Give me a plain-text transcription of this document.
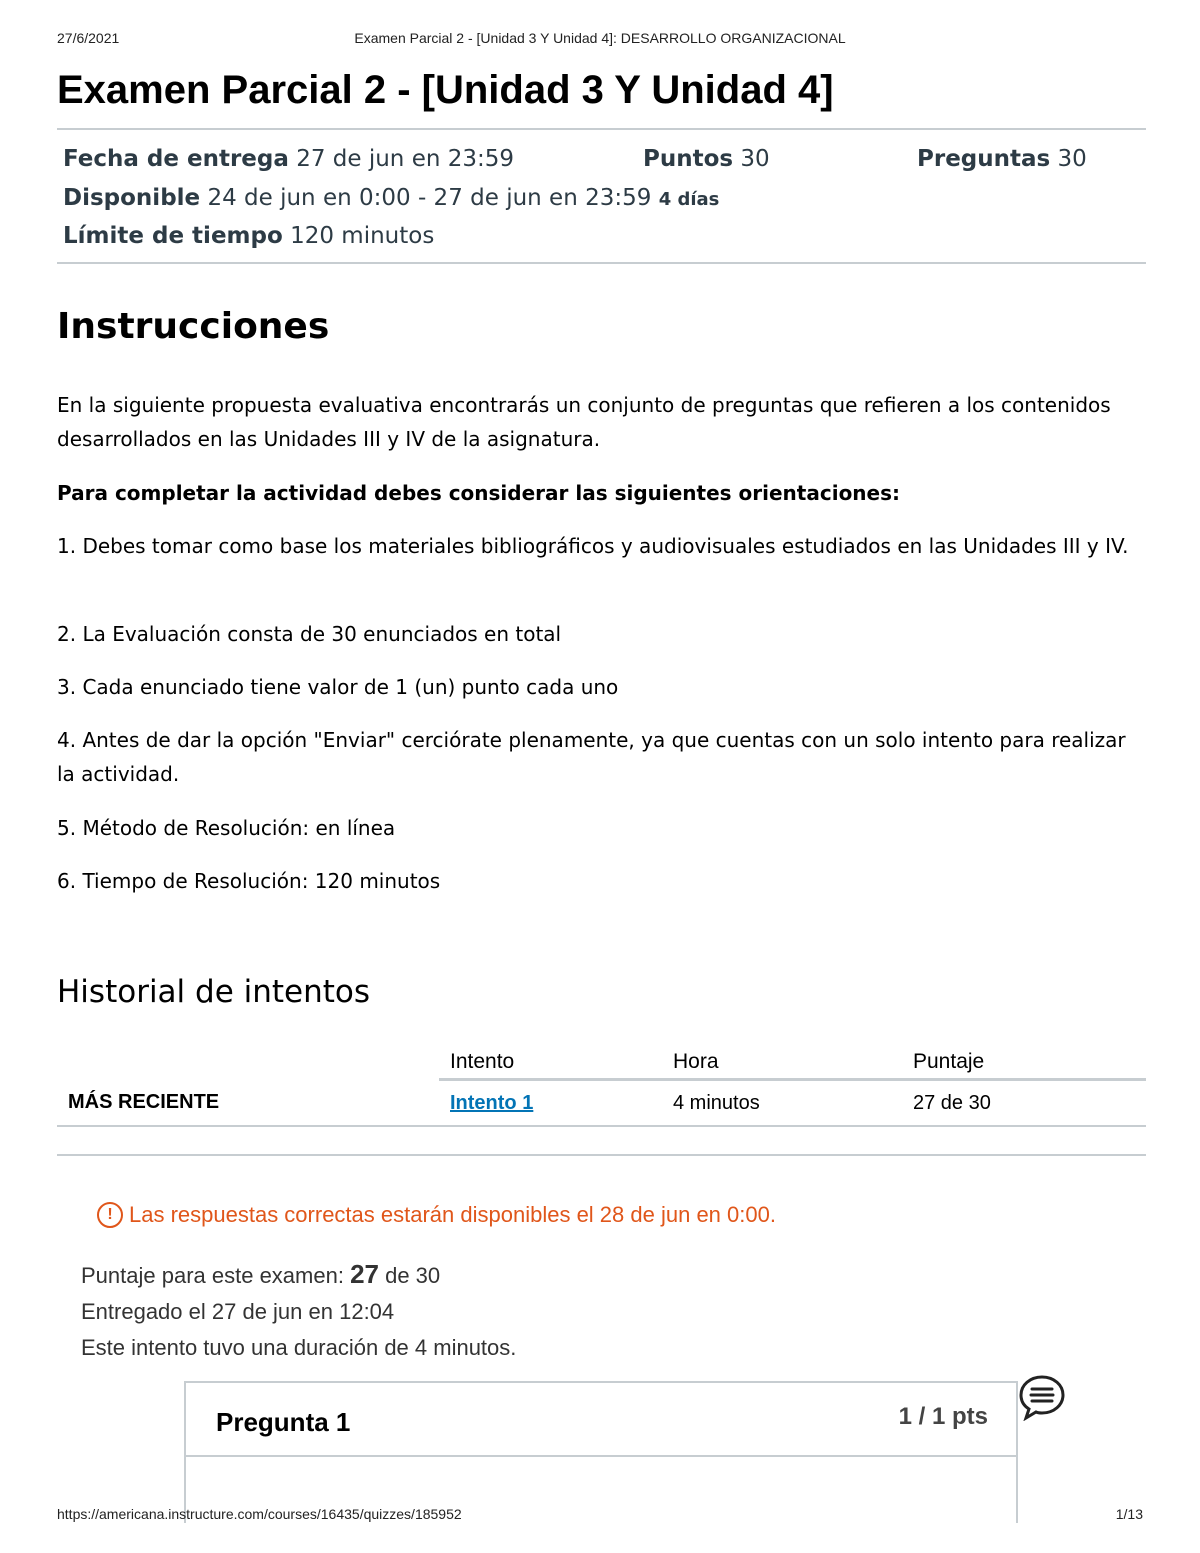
27/6/2021	Examen Parcial 2 - [Unidad 3 Y Unidad 4]: DESARROLLO ORGANIZACIONAL
Examen Parcial 2 - [Unidad 3 Y Unidad 4]
Fecha de entrega 27 de jun en 23:59	Puntos 30	Preguntas 30
Disponible 24 de jun en 0:00 - 27 de jun en 23:59 4 días
Límite de tiempo 120 minutos
Instrucciones

En la siguiente propuesta evaluativa encontrarás un conjunto de preguntas que refieren a los contenidos desarrollados en las Unidades III y IV de la asignatura.

Para completar la actividad debes considerar las siguientes orientaciones:

1. Debes tomar como base los materiales bibliográficos y audiovisuales estudiados en las Unidades III y IV.

2. La Evaluación consta de 30 enunciados en total

3. Cada enunciado tiene valor de 1 (un) punto cada uno

4. Antes de dar la opción "Enviar" cerciórate plenamente, ya que cuentas con un solo intento para realizar la actividad.

5. Método de Resolución: en línea

6. Tiempo de Resolución: 120 minutos

Historial de intentos
	Intento	Hora	Puntaje
MÁS RECIENTE	Intento 1	4 minutos	27 de 30
! Las respuestas correctas estarán disponibles el 28 de jun en 0:00.
Puntaje para este examen: 27 de 30
Entregado el 27 de jun en 12:04
Este intento tuvo una duración de 4 minutos.
Pregunta 1	1 / 1 pts
https://americana.instructure.com/courses/16435/quizzes/185952	1/13
